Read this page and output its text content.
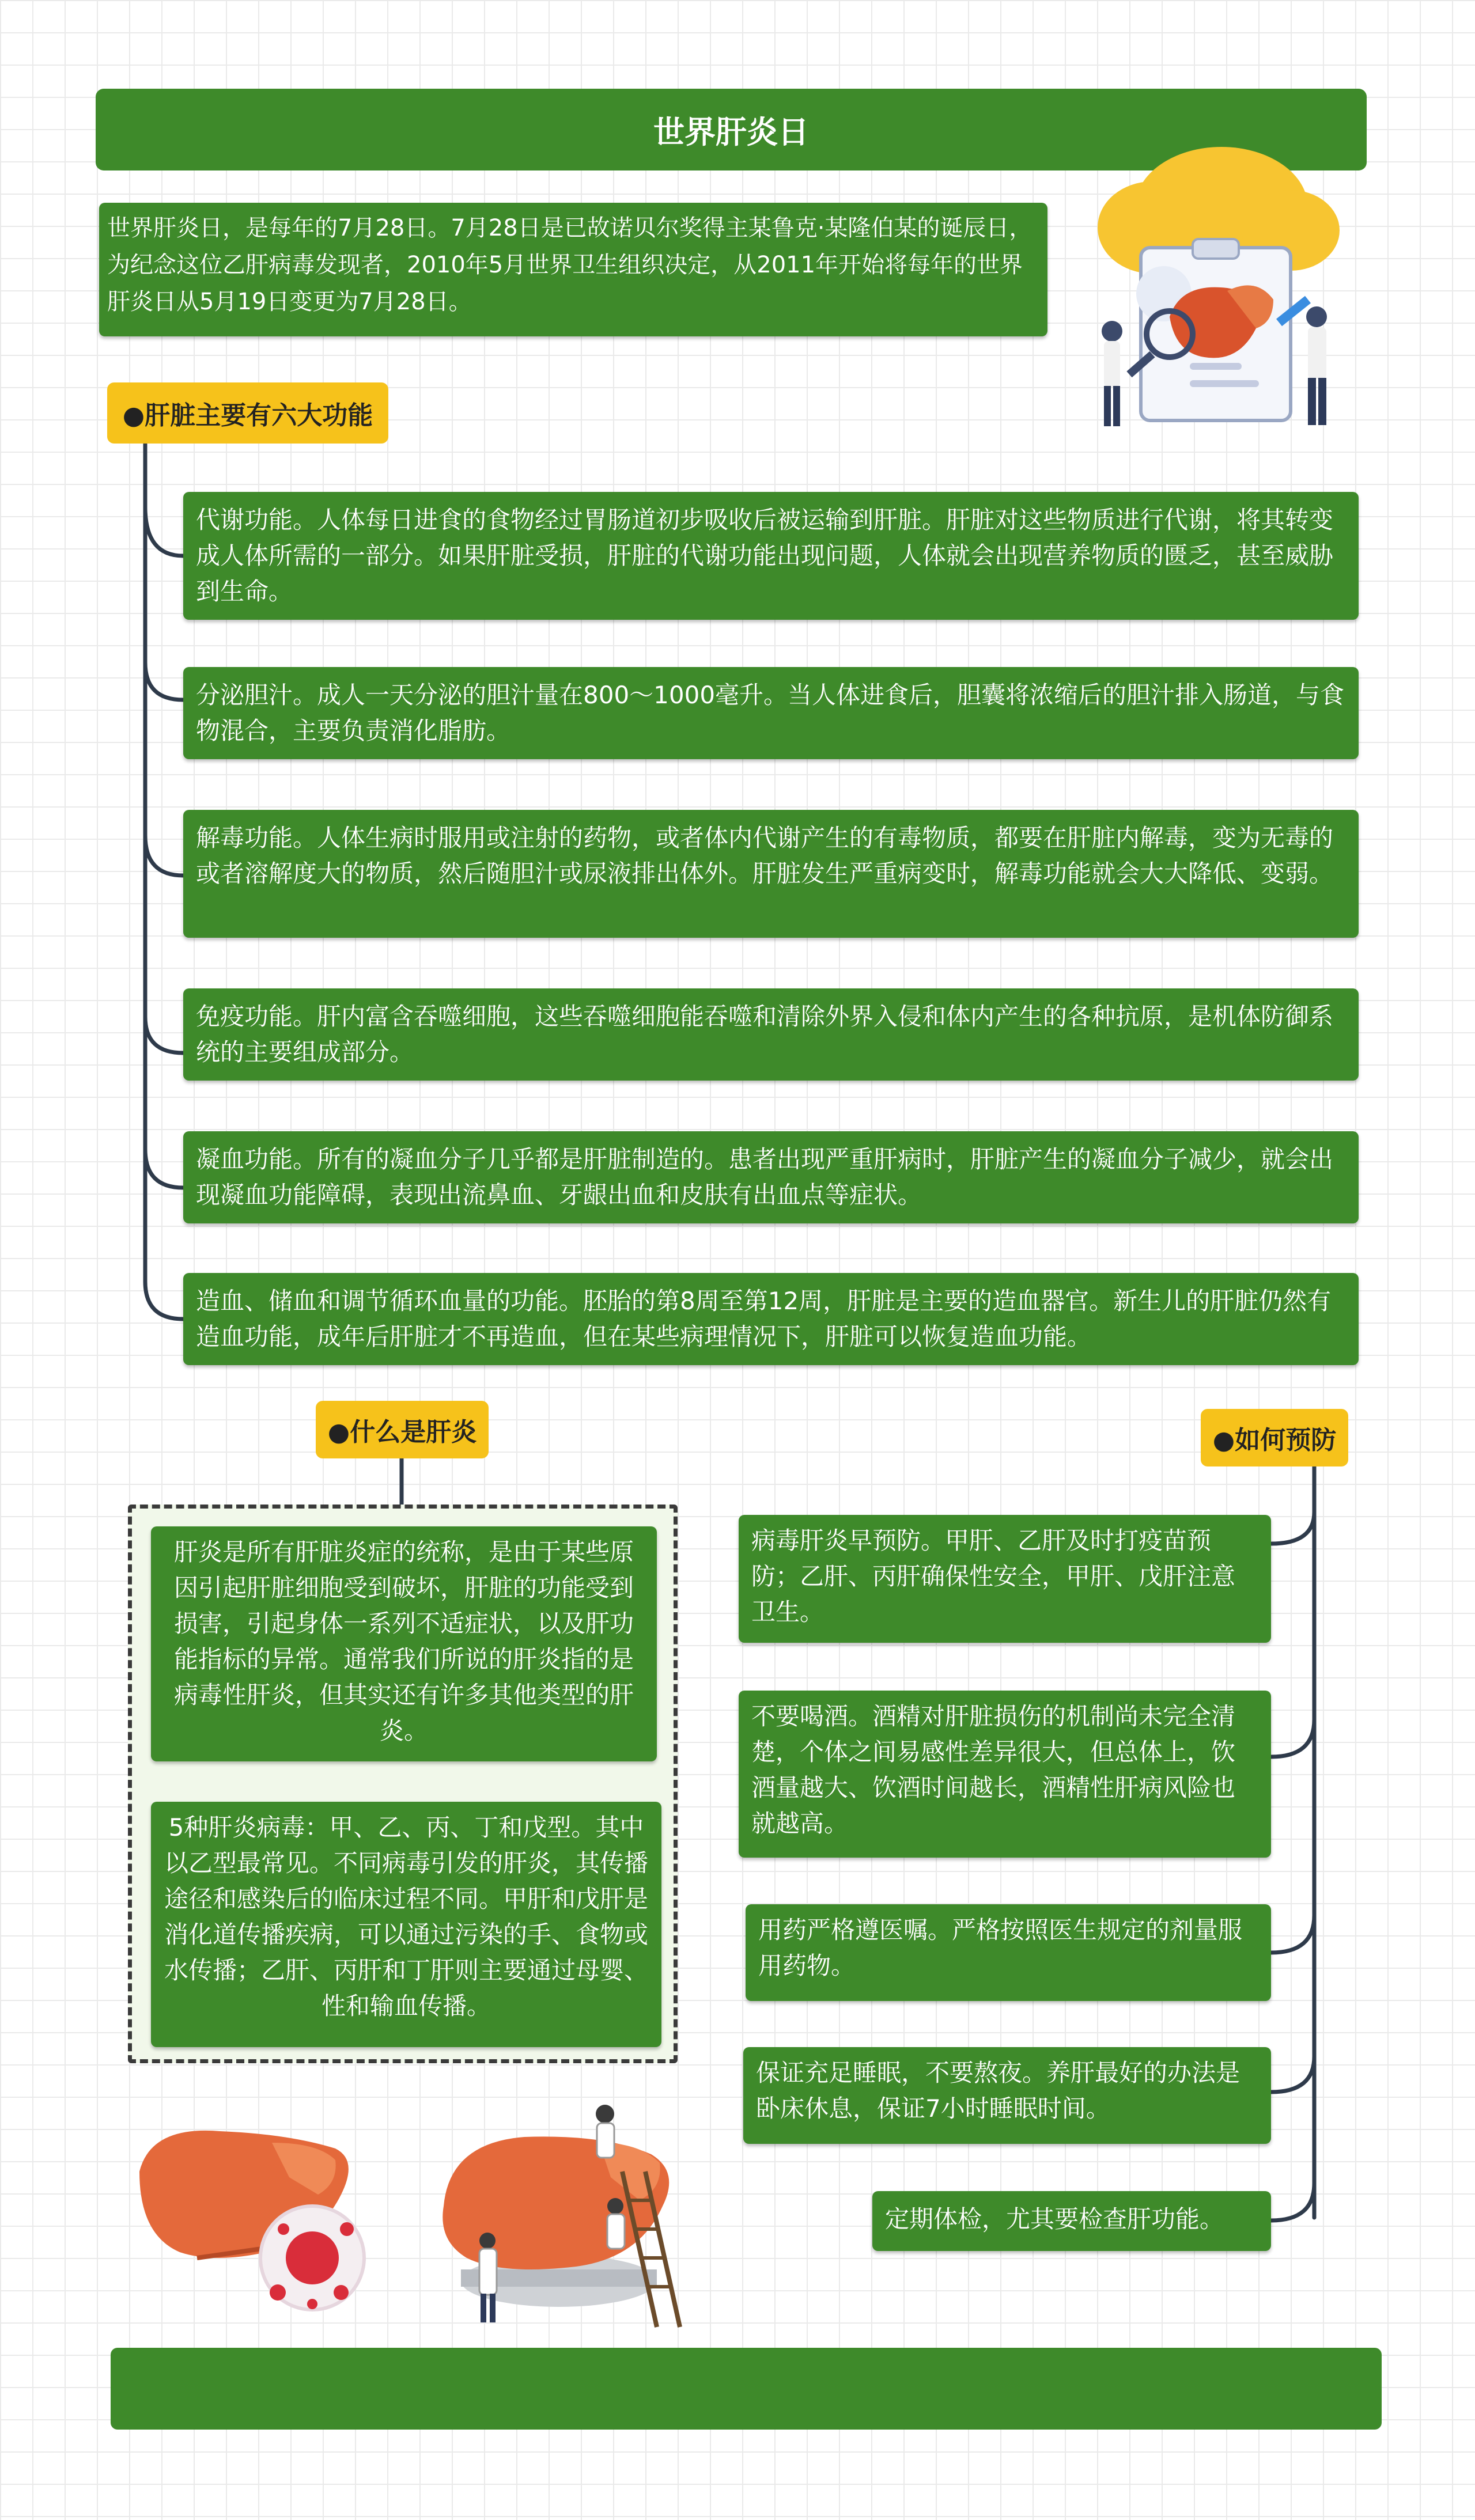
世界肝炎日
世界肝炎日，是每年的7月28日。7月28日是已故诺贝尔奖得主某鲁克·某隆伯某的诞辰日，为纪念这位乙肝病毒发现者，2010年5月世界卫生组织决定，从2011年开始将每年的世界肝炎日从5月19日变更为7月28日。
●肝脏主要有六大功能
代谢功能。人体每日进食的食物经过胃肠道初步吸收后被运输到肝脏。肝脏对这些物质进行代谢，将其转变成人体所需的一部分。如果肝脏受损，肝脏的代谢功能出现问题，人体就会出现营养物质的匮乏，甚至威胁到生命。
分泌胆汁。成人一天分泌的胆汁量在800～1000毫升。当人体进食后，胆囊将浓缩后的胆汁排入肠道，与食物混合，主要负责消化脂肪。
解毒功能。人体生病时服用或注射的药物，或者体内代谢产生的有毒物质，都要在肝脏内解毒，变为无毒的或者溶解度大的物质，然后随胆汁或尿液排出体外。肝脏发生严重病变时，解毒功能就会大大降低、变弱。
免疫功能。肝内富含吞噬细胞，这些吞噬细胞能吞噬和清除外界入侵和体内产生的各种抗原，是机体防御系统的主要组成部分。
凝血功能。所有的凝血分子几乎都是肝脏制造的。患者出现严重肝病时，肝脏产生的凝血分子减少，就会出现凝血功能障碍，表现出流鼻血、牙龈出血和皮肤有出血点等症状。
造血、储血和调节循环血量的功能。胚胎的第8周至第12周，肝脏是主要的造血器官。新生儿的肝脏仍然有造血功能，成年后肝脏才不再造血，但在某些病理情况下，肝脏可以恢复造血功能。
●什么是肝炎
肝炎是所有肝脏炎症的统称，是由于某些原因引起肝脏细胞受到破坏，肝脏的功能受到损害，引起身体一系列不适症状，以及肝功能指标的异常。通常我们所说的肝炎指的是病毒性肝炎，但其实还有许多其他类型的肝炎。
5种肝炎病毒：甲、乙、丙、丁和戊型。其中以乙型最常见。不同病毒引发的肝炎，其传播途径和感染后的临床过程不同。甲肝和戊肝是消化道传播疾病，可以通过污染的手、食物或水传播；乙肝、丙肝和丁肝则主要通过母婴、性和输血传播。
●如何预防
病毒肝炎早预防。甲肝、乙肝及时打疫苗预防；乙肝、丙肝确保性安全，甲肝、戊肝注意卫生。
不要喝酒。酒精对肝脏损伤的机制尚未完全清楚，个体之间易感性差异很大，但总体上，饮酒量越大、饮酒时间越长，酒精性肝病风险也就越高。
用药严格遵医嘱。严格按照医生规定的剂量服用药物。
保证充足睡眠，不要熬夜。养肝最好的办法是卧床休息，保证7小时睡眠时间。
定期体检，尤其要检查肝功能。
